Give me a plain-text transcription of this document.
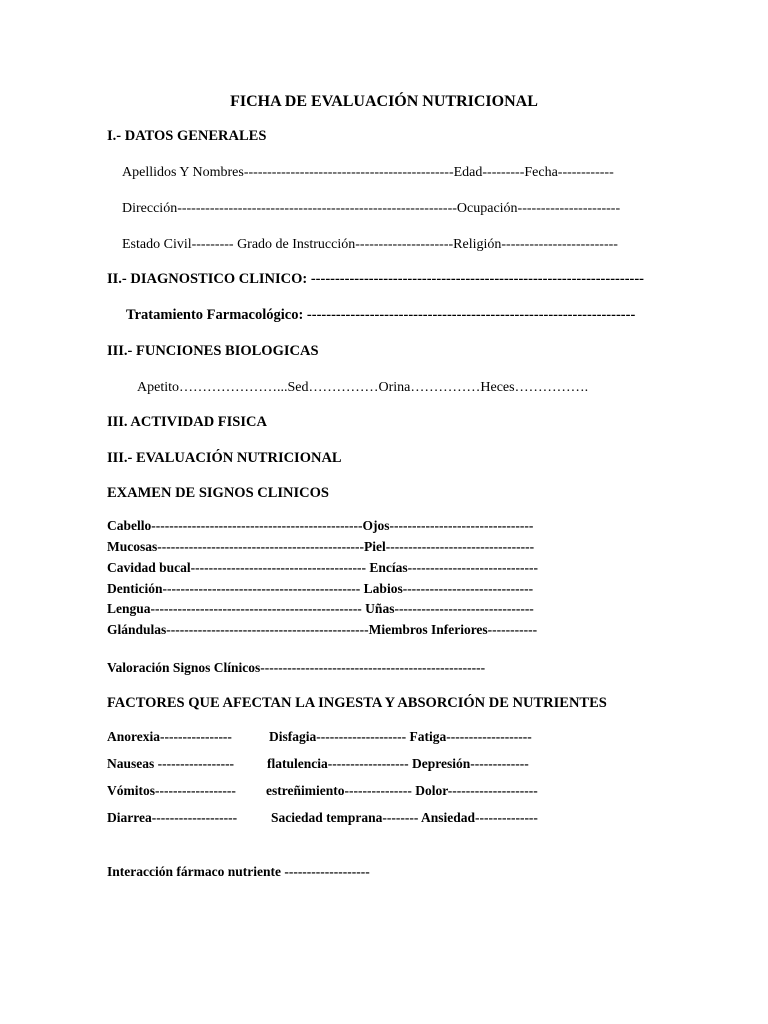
FICHA DE EVALUACIÓN NUTRICIONAL
I.- DATOS GENERALES
Apellidos Y Nombres---------------------------------------------Edad---------Fecha------------
Dirección------------------------------------------------------------Ocupación----------------------
Estado Civil--------- Grado de Instrucción---------------------Religión-------------------------
II.- DIAGNOSTICO CLINICO: ---------------------------------------------------------------------
Tratamiento Farmacológico: --------------------------------------------------------------------
III.- FUNCIONES BIOLOGICAS
Apetito…………………...Sed……………Orina……………Heces…………….
III. ACTIVIDAD FISICA
III.- EVALUACIÓN NUTRICIONAL
EXAMEN DE SIGNOS CLINICOS
Cabello-----------------------------------------------Ojos--------------------------------
Mucosas----------------------------------------------Piel---------------------------------
Cavidad bucal--------------------------------------- Encías-----------------------------
Dentición-------------------------------------------- Labios-----------------------------
Lengua----------------------------------------------- Uñas-------------------------------
Glándulas---------------------------------------------Miembros Inferiores-----------
Valoración Signos Clínicos--------------------------------------------------
FACTORES QUE AFECTAN LA INGESTA Y ABSORCIÓN DE NUTRIENTES
Anorexia----------------	Disfagia-------------------- Fatiga-------------------
Nauseas ----------------- flatulencia------------------ Depresión-------------
Vómitos------------------ estreñimiento--------------- Dolor--------------------
Diarrea-------------------	Saciedad temprana-------- Ansiedad--------------
Interacción fármaco nutriente -------------------
